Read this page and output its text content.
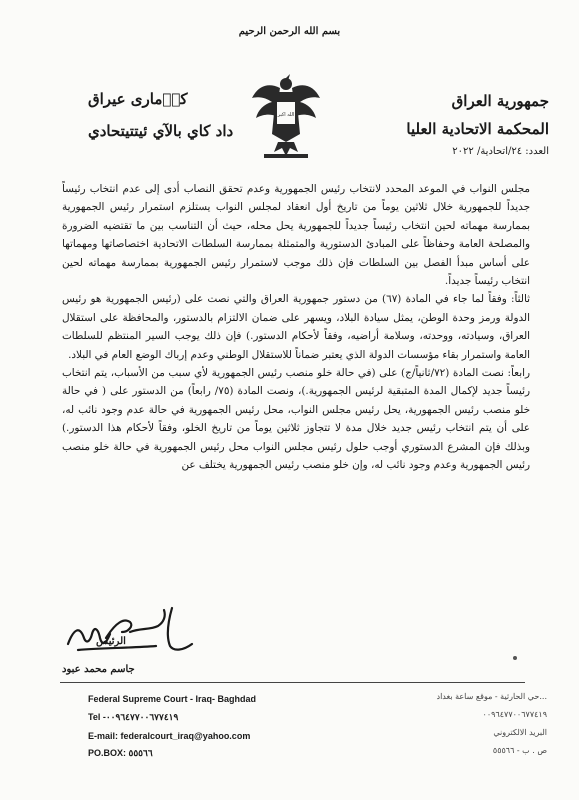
بسم الله الرحمن الرحيم
جمهورية العراق
المحكمة الاتحادية العليا
العدد: ٢٤/اتحادية/ ٢٠٢٢
كو٘ماری عیراق
داد كاي بالآي ئيتتيتحادي
الله اكبر

مجلس النواب في الموعد المحدد لانتخاب رئيس الجمهورية وعدم تحقق النصاب أدى إلى عدم انتخاب رئيساً جديداً للجمهورية خلال ثلاثين يوماً من تاريخ أول انعقاد لمجلس النواب يستلزم استمرار رئيس الجمهورية بممارسة مهماته لحين انتخاب رئيساً جديداً للجمهورية يحل محله، حيث أن التناسب بين ما تقتضيه الضرورة والمصلحة العامة وحفاظاً على المبادئ الدستورية والمتمثلة بممارسة السلطات الاتحادية اختصاصاتها ومهماتها على أساس مبدأ الفصل بين السلطات فإن ذلك موجب لاستمرار رئيس الجمهورية بممارسة مهماته لحين انتخاب رئيساً جديداً.

ثالثاً: وفقاً لما جاء في المادة (٦٧) من دستور جمهورية العراق والتي نصت على (رئيس الجمهورية هو رئيس الدولة ورمز وحدة الوطن، يمثل سيادة البلاد، ويسهر على ضمان الالتزام بالدستور، والمحافظة على استقلال العراق، وسيادته، ووحدته، وسلامة أراضيه، وفقاً لأحكام الدستور.) فإن ذلك يوجب السير المنتظم للسلطات العامة واستمرار بقاء مؤسسات الدولة الذي يعتبر ضماناً للاستقلال الوطني وعدم إرباك الوضع العام في البلاد.

رابعاً: نصت المادة (٧٢/ثانياً/ج) على (في حالة خلو منصب رئيس الجمهورية لأي سبب من الأسباب، يتم انتخاب رئيساً جديد لإكمال المدة المتبقية لرئيس الجمهورية.)، ونصت المادة (٧٥/ رابعاً) من الدستور على ( في حالة خلو منصب رئيس الجمهورية، يحل رئيس مجلس النواب، محل رئيس الجمهورية في حالة عدم وجود نائب له، على أن يتم انتخاب رئيس جديد خلال مدة لا تتجاوز ثلاثين يوماً من تاريخ الخلو، وفقاً لأحكام هذا الدستور.) وبذلك فإن المشرع الدستوري أوجب حلول رئيس مجلس النواب محل رئيس الجمهورية في حالة خلو منصب رئيس الجمهورية وعدم وجود نائب له، وإن خلو منصب رئيس الجمهورية يختلف عن

الرئيس
جاسم محمد عبود
Federal Supreme Court - Iraq- Baghdad
Tel -٠٠٩٦٤٧٧٠٠٦٧٧٤١٩
E-mail: federalcourt_iraq@yahoo.com
PO.BOX: ٥٥٥٦٦
...حي الحارثية - موقع ساعة بغداد
٠٠٩٦٤٧٧٠٠٦٧٧٤١٩
البريد الالكتروني
ص . ب - ٥٥٥٦٦
